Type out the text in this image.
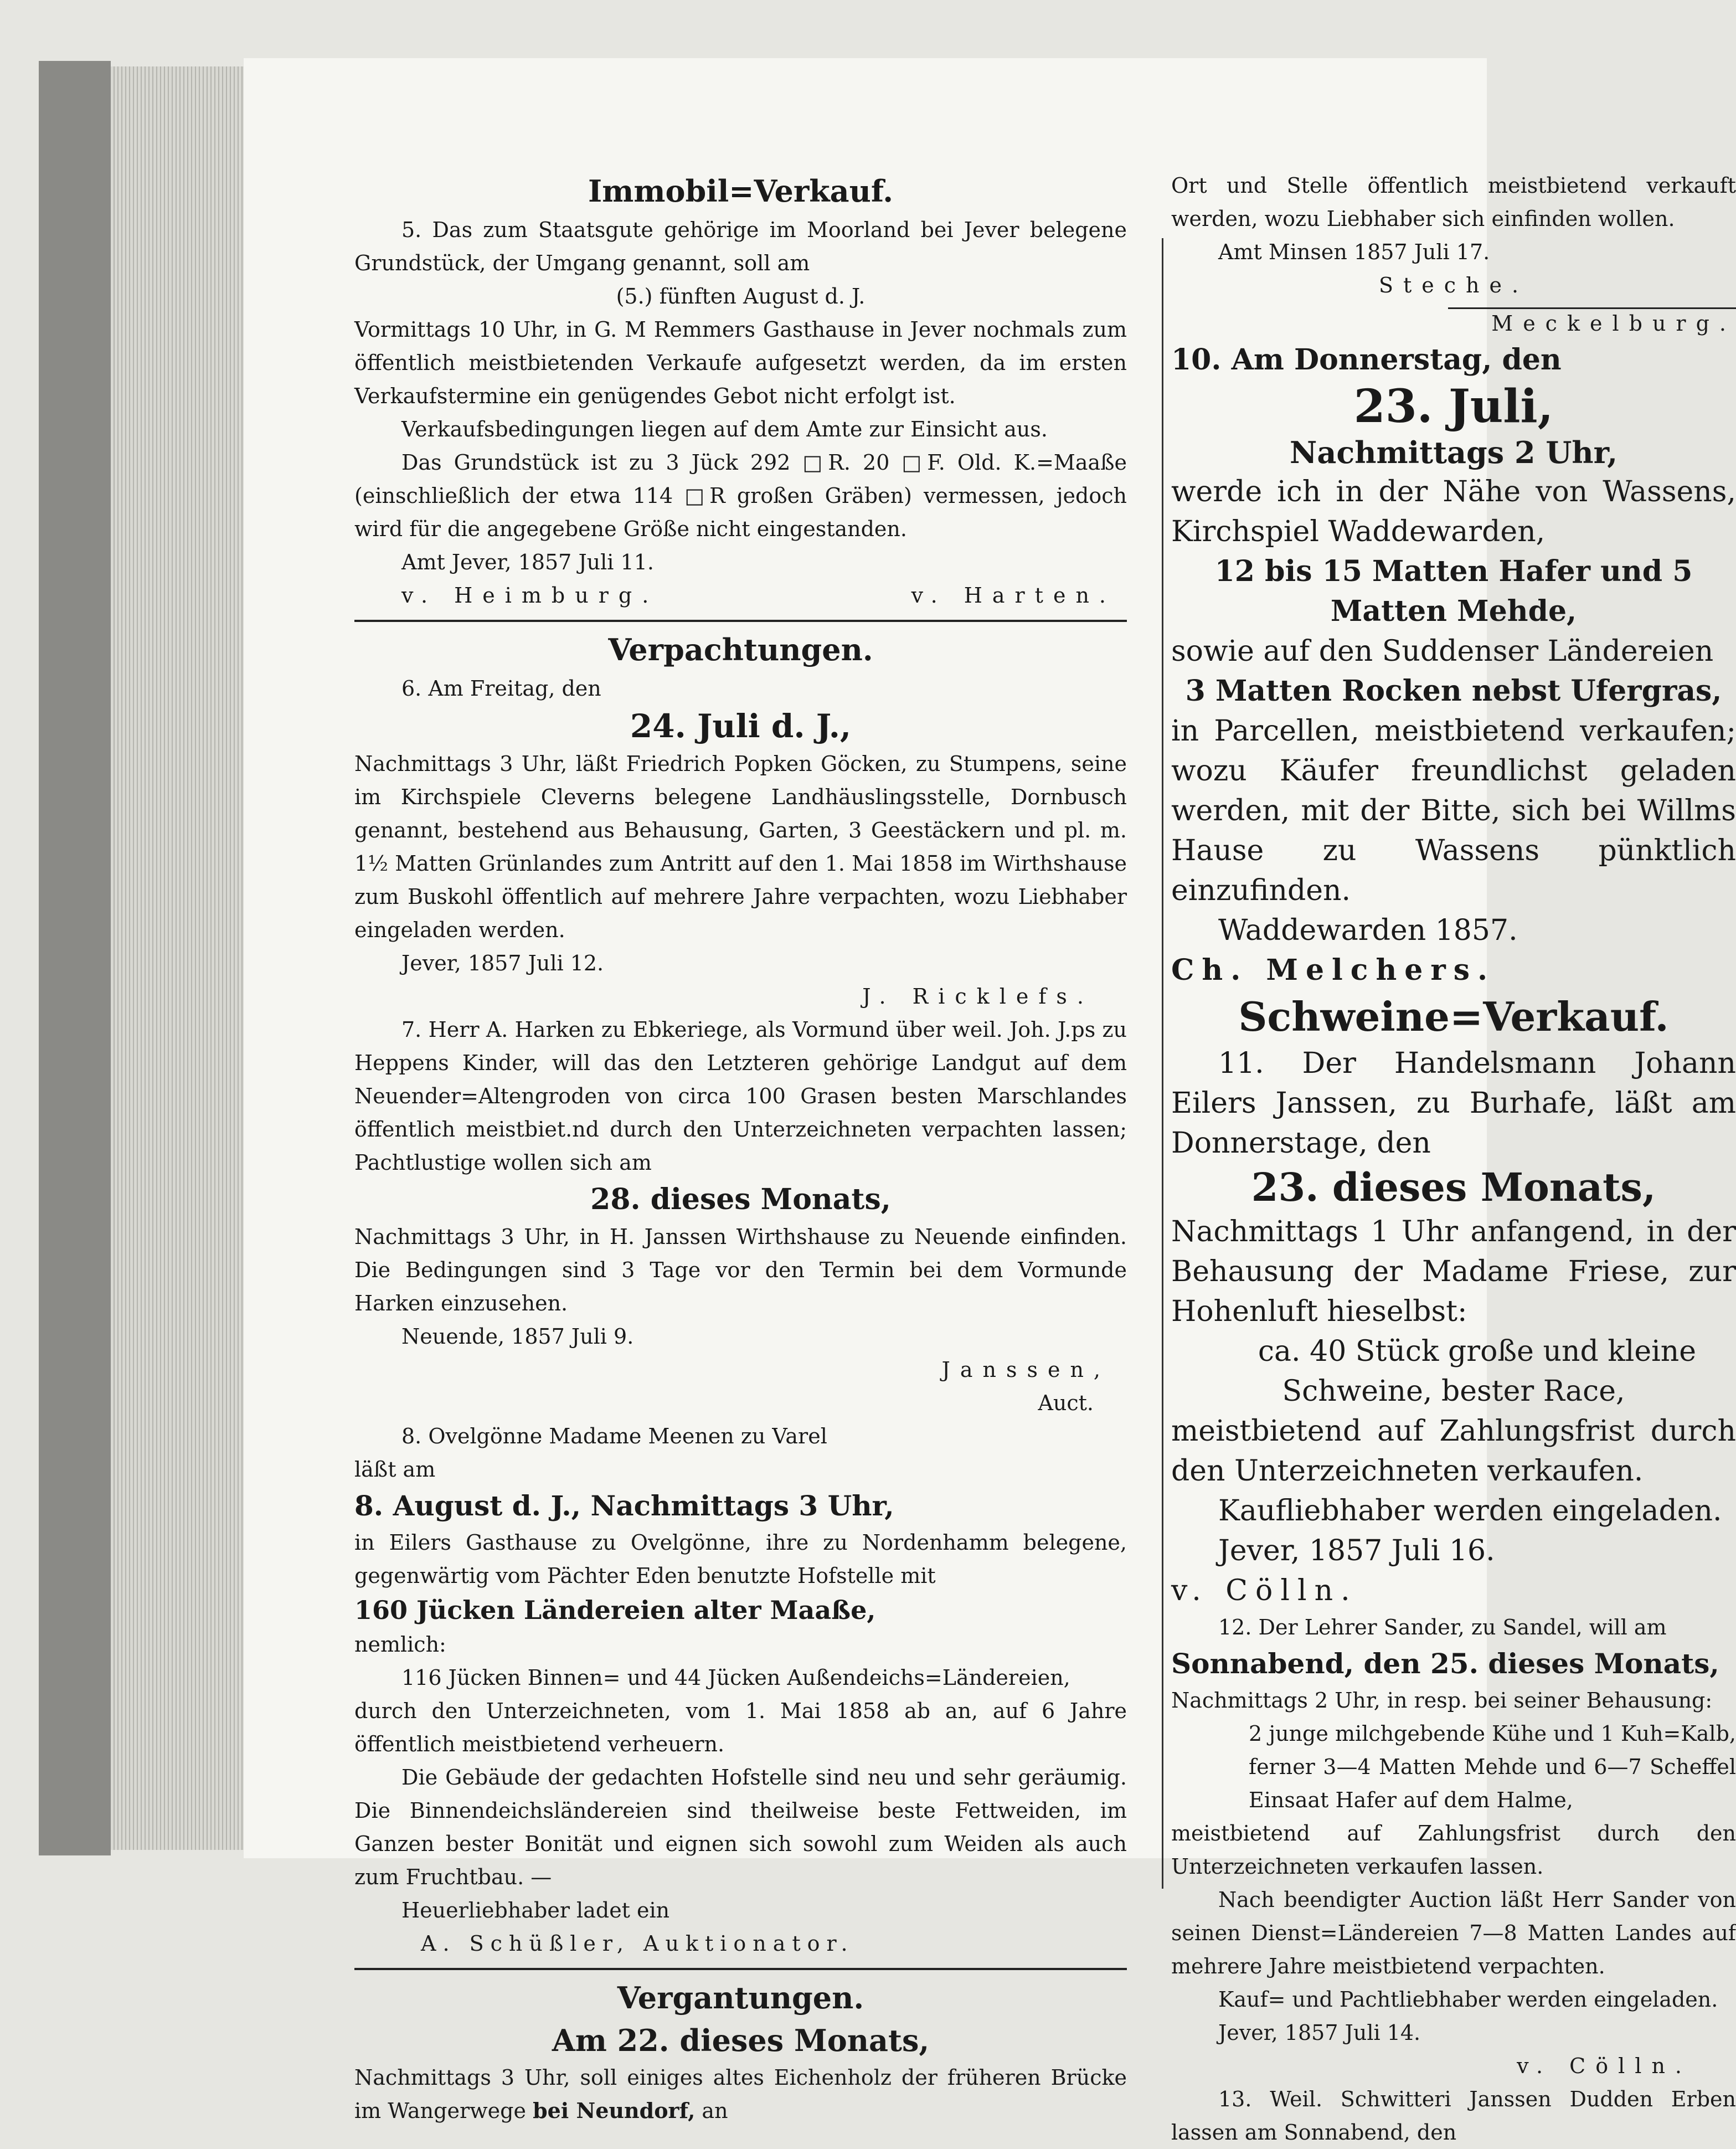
Immobil=Verkauf.

5. Das zum Staatsgute gehörige im Moorland bei Jever belegene Grundstück, der Umgang genannt, soll am

(5.) fünften August d. J.

Vormittags 10 Uhr, in G. M Remmers Gasthause in Jever nochmals zum öffentlich meistbietenden Verkaufe aufgesetzt werden, da im ersten Verkaufstermine ein genügendes Gebot nicht erfolgt ist.

Verkaufsbedingungen liegen auf dem Amte zur Einsicht aus.

Das Grundstück ist zu 3 Jück 292 □R. 20 □F. Old. K.=Maaße (einschließlich der etwa 114 □R großen Gräben) vermessen, jedoch wird für die angegebene Größe nicht eingestanden.

Amt Jever, 1857 Juli 11.

v. Heimburg.	v. Harten.

Verpachtungen.

6. Am Freitag, den

24. Juli d. J.,

Nachmittags 3 Uhr, läßt Friedrich Popken Göcken, zu Stumpens, seine im Kirchspiele Cleverns belegene Landhäuslingsstelle, Dornbusch genannt, bestehend aus Behausung, Garten, 3 Geestäckern und pl. m. 1½ Matten Grünlandes zum Antritt auf den 1. Mai 1858 im Wirthshause zum Buskohl öffentlich auf mehrere Jahre verpachten, wozu Liebhaber eingeladen werden.

Jever, 1857 Juli 12.

J. Ricklefs.

7. Herr A. Harken zu Ebkeriege, als Vormund über weil. Joh. J.ps zu Heppens Kinder, will das den Letzteren gehörige Landgut auf dem Neuender=Altengroden von circa 100 Grasen besten Marschlandes öffentlich meistbiet.nd durch den Unterzeichneten verpachten lassen; Pachtlustige wollen sich am

28. dieses Monats,

Nachmittags 3 Uhr, in H. Janssen Wirthshause zu Neuende einfinden. Die Bedingungen sind 3 Tage vor den Termin bei dem Vormunde Harken einzusehen.

Neuende, 1857 Juli 9.

Janssen,

Auct.

8. Ovelgönne Madame Meenen zu Varel

läßt am

8. August d. J., Nachmittags 3 Uhr,

in Eilers Gasthause zu Ovelgönne, ihre zu Nordenhamm belegene, gegenwärtig vom Pächter Eden benutzte Hofstelle mit

160 Jücken Ländereien alter Maaße,

nemlich:

116 Jücken Binnen= und 44 Jücken Außendeichs=Ländereien,

durch den Unterzeichneten, vom 1. Mai 1858 ab an, auf 6 Jahre öffentlich meistbietend verheuern.

Die Gebäude der gedachten Hofstelle sind neu und sehr geräumig. Die Binnendeichsländereien sind theilweise beste Fettweiden, im Ganzen bester Bonität und eignen sich sowohl zum Weiden als auch zum Fruchtbau. —

Heuerliebhaber ladet ein

A. Schüßler, Auktionator.

Vergantungen.

Am 22. dieses Monats,

Nachmittags 3 Uhr, soll einiges altes Eichenholz der früheren Brücke im Wangerwege bei Neundorf, an

Ort und Stelle öffentlich meistbietend verkauft werden, wozu Liebhaber sich einfinden wollen.

Amt Minsen 1857 Juli 17.

Steche.

Meckelburg.

10. Am Donnerstag, den

23. Juli,

Nachmittags 2 Uhr,

werde ich in der Nähe von Wassens, Kirchspiel Waddewarden,

12 bis 15 Matten Hafer und 5 Matten Mehde,

sowie auf den Suddenser Ländereien

3 Matten Rocken nebst Ufergras,

in Parcellen, meistbietend verkaufen; wozu Käufer freundlichst geladen werden, mit der Bitte, sich bei Willms Hause zu Wassens pünktlich einzufinden.

Waddewarden 1857.

Ch. Melchers.

Schweine=Verkauf.

11. Der Handelsmann Johann Eilers Janssen, zu Burhafe, läßt am Donnerstage, den

23. dieses Monats,

Nachmittags 1 Uhr anfangend, in der Behausung der Madame Friese, zur Hohenluft hieselbst:

ca. 40 Stück große und kleine Schweine, bester Race,

meistbietend auf Zahlungsfrist durch den Unterzeichneten verkaufen.

Kaufliebhaber werden eingeladen.

Jever, 1857 Juli 16.

v. Cölln.

12. Der Lehrer Sander, zu Sandel, will am

Sonnabend, den 25. dieses Monats,

Nachmittags 2 Uhr, in resp. bei seiner Behausung:

2 junge milchgebende Kühe und 1 Kuh=Kalb, ferner 3—4 Matten Mehde und 6—7 Scheffel Einsaat Hafer auf dem Halme,

meistbietend auf Zahlungsfrist durch den Unterzeichneten verkaufen lassen.

Nach beendigter Auction läßt Herr Sander von seinen Dienst=Ländereien 7—8 Matten Landes auf mehrere Jahre meistbietend verpachten.

Kauf= und Pachtliebhaber werden eingeladen.

Jever, 1857 Juli 14.

v. Cölln.

13. Weil. Schwitteri Janssen Dudden Erben lassen am Sonnabend, den
